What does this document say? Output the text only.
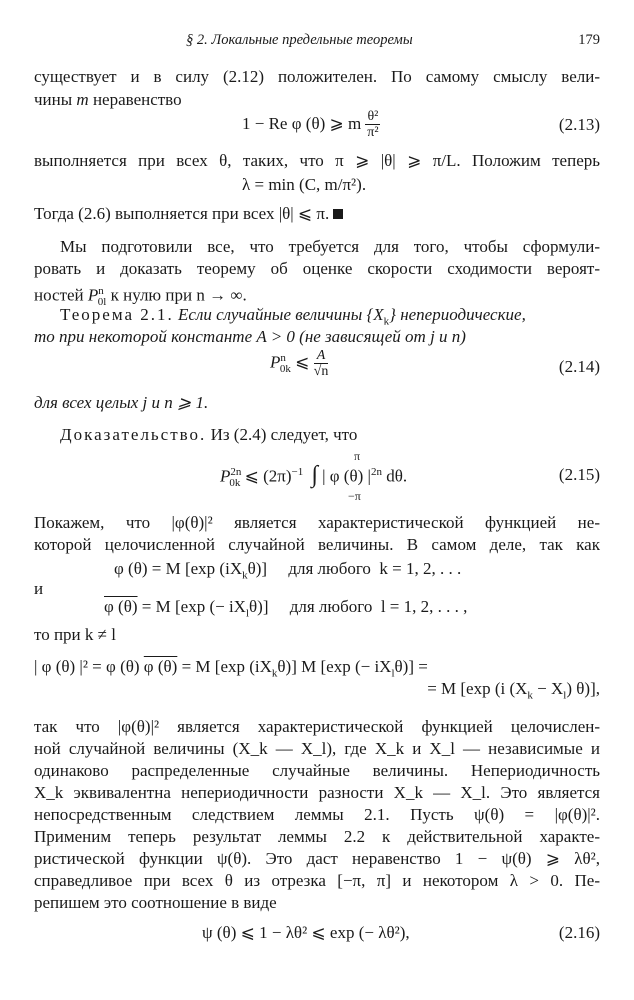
§ 2. Локальные предельные теоремы	179
существует и в силу (2.12) положителен. По самому смыслу вели-
чины m неравенство
1 − Re φ (θ) ⩾ m $\frac{\text{θ²}}{\text{π²}}$	(2.13)
выполняется при всех θ, таких, что π ⩾ |θ| ⩾ π/L. Положим теперь
λ = min (C, m/π²).
Тогда (2.6) выполняется при всех |θ| ⩽ π.
Мы подготовили все, что требуется для того, чтобы сформули-
ровать и доказать теорему об оценке скорости сходимости вероят-
ностей $P^n_{0l}$ к нулю при n → ∞.
Теорема 2.1. Если случайные величины $\{X_k\}$ непериодические,
то при некоторой константе A > 0 (не зависящей от j и n)
$P^n_{0k}$ ⩽ $\frac{A}{√n}$	(2.14)
для всех целых j и n ⩾ 1.
Доказательство. Из (2.4) следует, что
π
$P^{2n}_{0k}$ ⩽ $(2\pi)^{-1}$ ∫ | φ (θ) $|^{2n}$ dθ.
−π
(2.15)
Покажем, что |φ(θ)|² является характеристической функцией не-
которой целочисленной случайной величины. В самом деле, так как
φ (θ) = M [exp $(iX_k\theta)$]     для любого  k = 1, 2, . . .
и
φ (θ) = M [exp (− $iX_l\theta$)]     для любого  l = 1, 2, . . . ,
то при k ≠ l
| φ (θ) |² = φ (θ) φ (θ) = M [exp $(iX_k\theta)$] M [exp (− $iX_l\theta$)] =
= M [exp (i $(X_k - X_l)$ θ)],
так что |φ(θ)|² является характеристической функцией целочислен-
ной случайной величины (X_k — X_l), где X_k и X_l — независимые и
одинаково распределенные случайные величины. Непериодичность
X_k эквивалентна непериодичности разности X_k — X_l. Это является
непосредственным следствием леммы 2.1. Пусть ψ(θ) = |φ(θ)|².
Применим теперь результат леммы 2.2 к действительной характе-
ристической функции ψ(θ). Это даст неравенство 1 − ψ(θ) ⩾ λθ²,
справедливое при всех θ из отрезка [−π, π] и некотором λ > 0. Пе-
репишем это соотношение в виде
ψ (θ) ⩽ 1 − λθ² ⩽ exp (− λθ²),	(2.16)
